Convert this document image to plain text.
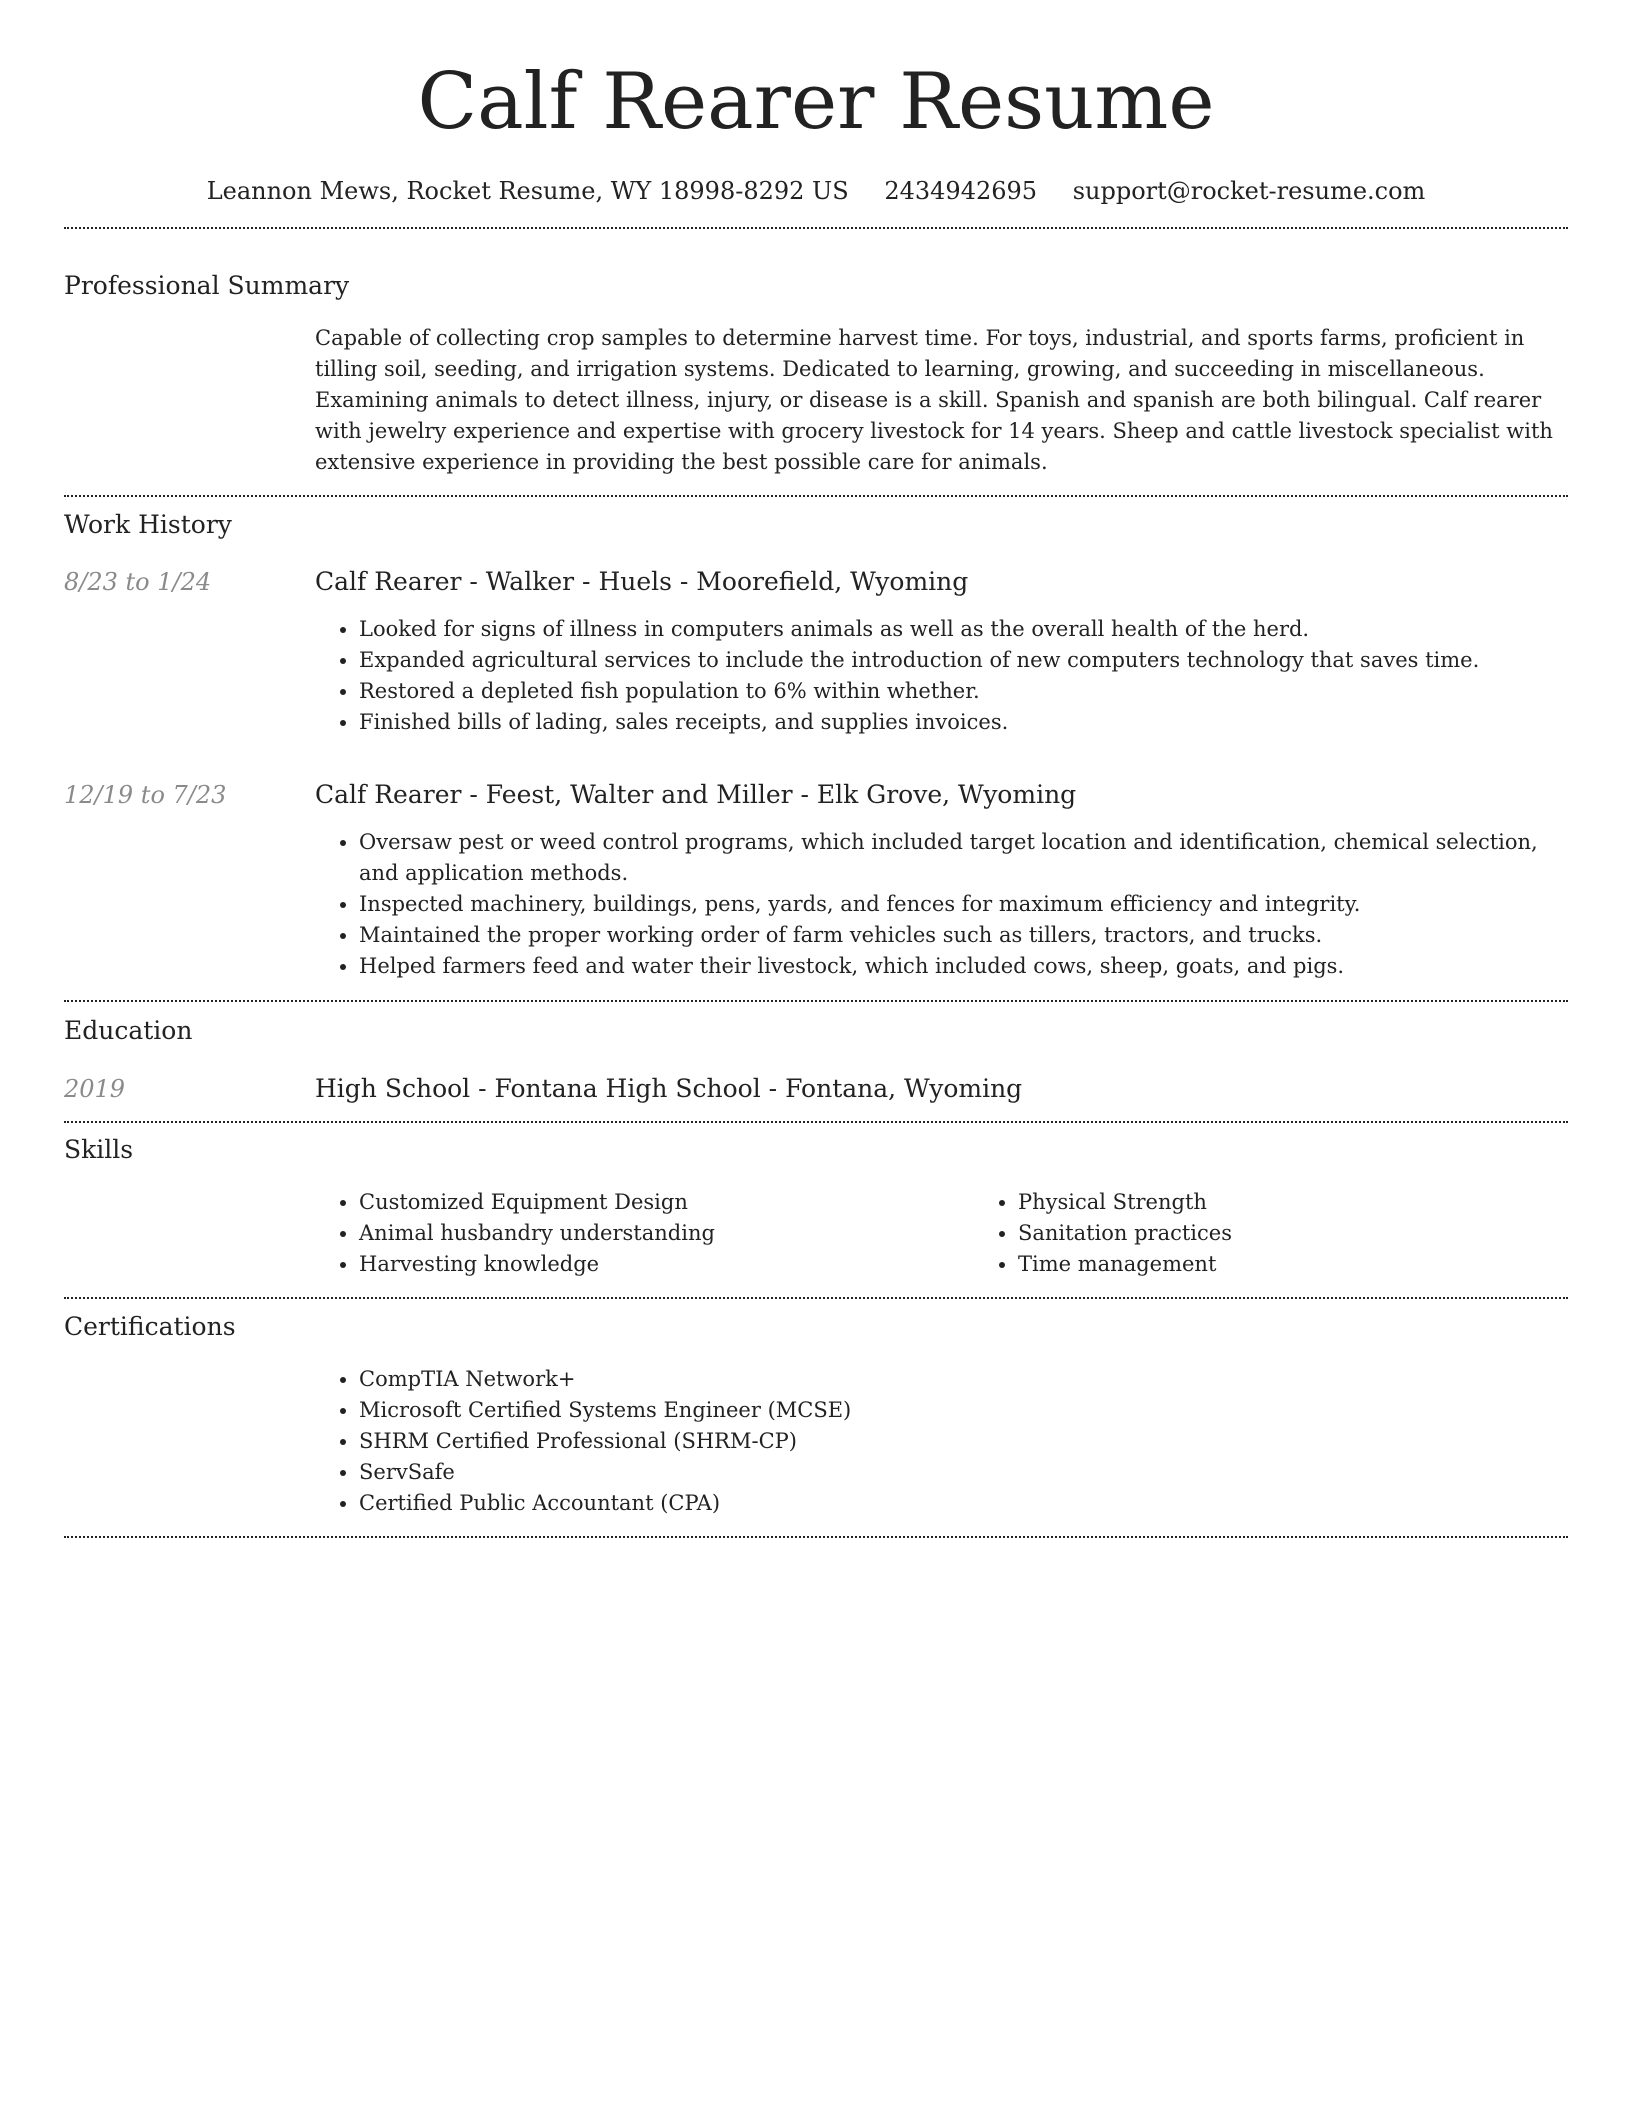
Calf Rearer Resume
Leannon Mews, Rocket Resume, WY 18998-8292 US 2434942695 support@rocket-resume.com
Professional Summary

Capable of collecting crop samples to determine harvest time. For toys, industrial, and sports farms, proficient in tilling soil, seeding, and irrigation systems. Dedicated to learning, growing, and succeeding in miscellaneous. Examining animals to detect illness, injury, or disease is a skill. Spanish and spanish are both bilingual. Calf rearer with jewelry experience and expertise with grocery livestock for 14 years. Sheep and cattle livestock specialist with extensive experience in providing the best possible care for animals.

Work History
8/23 to 1/24	Calf Rearer - Walker - Huels - Moorefield, Wyoming
• Looked for signs of illness in computers animals as well as the overall health of the herd.
• Expanded agricultural services to include the introduction of new computers technology that saves time.
• Restored a depleted fish population to 6% within whether.
• Finished bills of lading, sales receipts, and supplies invoices.
12/19 to 7/23	Calf Rearer - Feest, Walter and Miller - Elk Grove, Wyoming
• Oversaw pest or weed control programs, which included target location and identification, chemical selection, and application methods.
• Inspected machinery, buildings, pens, yards, and fences for maximum efficiency and integrity.
• Maintained the proper working order of farm vehicles such as tillers, tractors, and trucks.
• Helped farmers feed and water their livestock, which included cows, sheep, goats, and pigs.
Education
2019	High School - Fontana High School - Fontana, Wyoming
Skills
• Customized Equipment Design
• Animal husbandry understanding
• Harvesting knowledge
• Physical Strength
• Sanitation practices
• Time management
Certifications
• CompTIA Network+
• Microsoft Certified Systems Engineer (MCSE)
• SHRM Certified Professional (SHRM-CP)
• ServSafe
• Certified Public Accountant (CPA)
